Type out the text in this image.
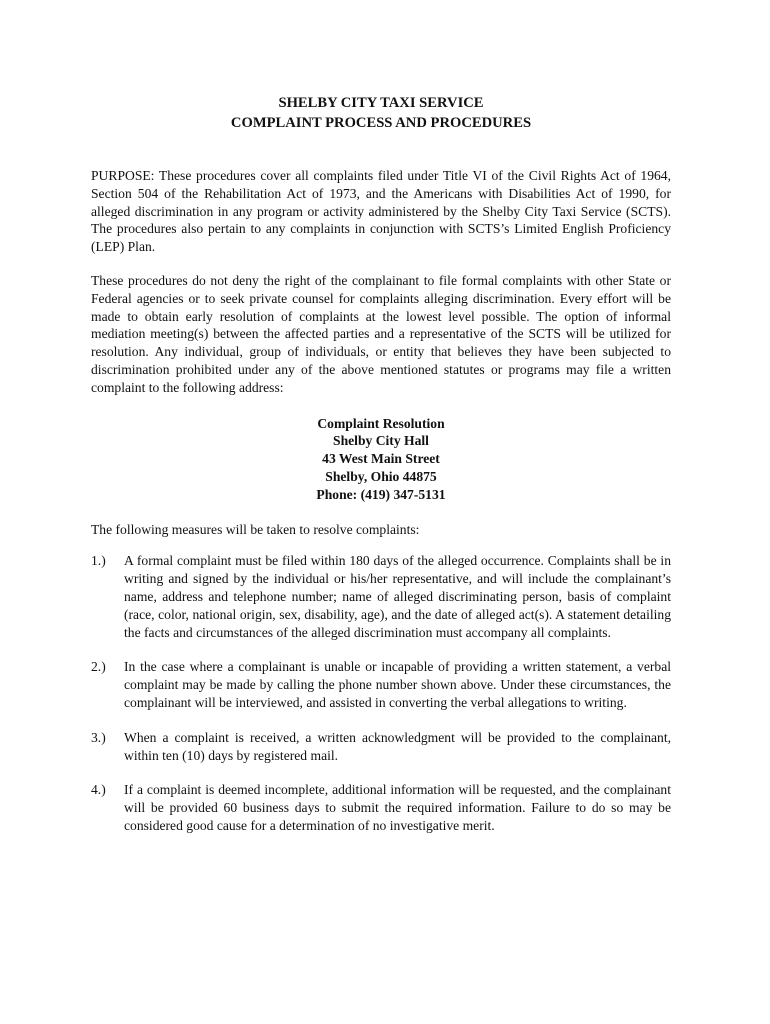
SHELBY CITY TAXI SERVICE
COMPLAINT PROCESS AND PROCEDURES

PURPOSE: These procedures cover all complaints filed under Title VI of the Civil Rights Act of 1964, Section 504 of the Rehabilitation Act of 1973, and the Americans with Disabilities Act of 1990, for alleged discrimination in any program or activity administered by the Shelby City Taxi Service (SCTS). The procedures also pertain to any complaints in conjunction with SCTS’s Limited English Proficiency (LEP) Plan.

These procedures do not deny the right of the complainant to file formal complaints with other State or Federal agencies or to seek private counsel for complaints alleging discrimination. Every effort will be made to obtain early resolution of complaints at the lowest level possible. The option of informal mediation meeting(s) between the affected parties and a representative of the SCTS will be utilized for resolution. Any individual, group of individuals, or entity that believes they have been subjected to discrimination prohibited under any of the above mentioned statutes or programs may file a written complaint to the following address:

Complaint Resolution
Shelby City Hall
43 West Main Street
Shelby, Ohio 44875
Phone: (419) 347-5131

The following measures will be taken to resolve complaints:

1.)	A formal complaint must be filed within 180 days of the alleged occurrence. Complaints shall be in writing and signed by the individual or his/her representative, and will include the complainant’s name, address and telephone number; name of alleged discriminating person, basis of complaint (race, color, national origin, sex, disability, age), and the date of alleged act(s). A statement detailing the facts and circumstances of the alleged discrimination must accompany all complaints.
2.)	In the case where a complainant is unable or incapable of providing a written statement, a verbal complaint may be made by calling the phone number shown above. Under these circumstances, the complainant will be interviewed, and assisted in converting the verbal allegations to writing.
3.)	When a complaint is received, a written acknowledgment will be provided to the complainant, within ten (10) days by registered mail.
4.)	If a complaint is deemed incomplete, additional information will be requested, and the complainant will be provided 60 business days to submit the required information. Failure to do so may be considered good cause for a determination of no investigative merit.
